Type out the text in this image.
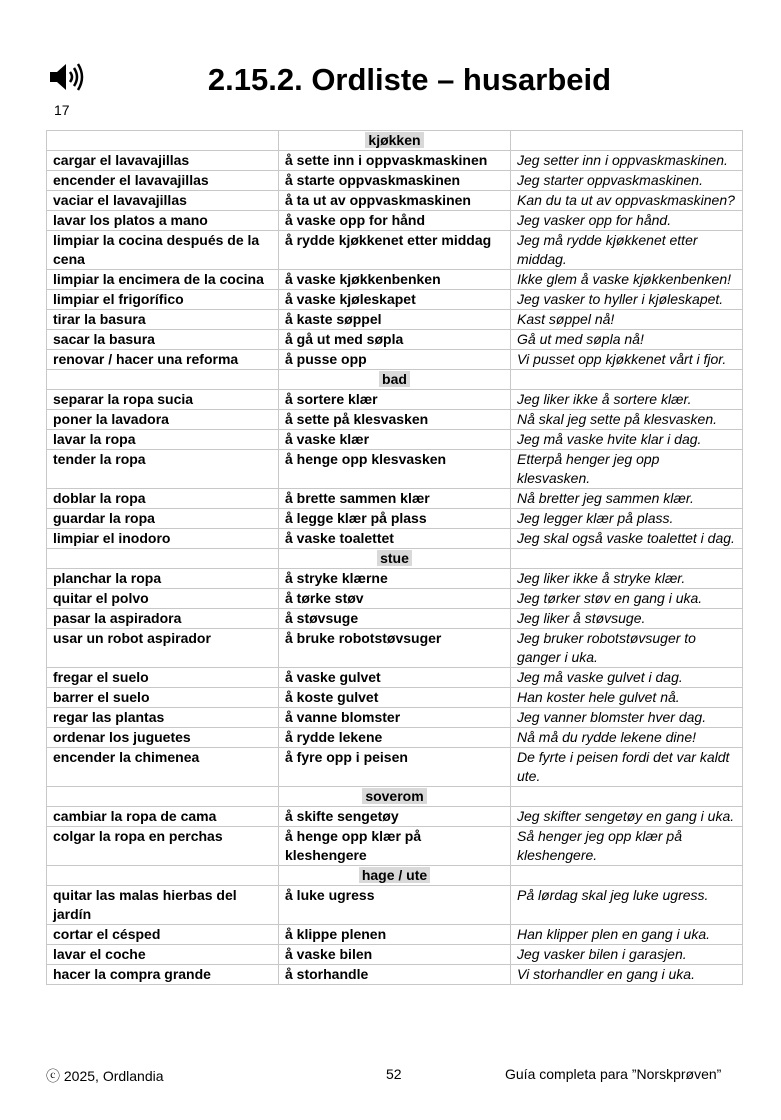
17
2.15.2. Ordliste – husarbeid
	kjøkken	
cargar el lavavajillas	å sette inn i oppvaskmaskinen	Jeg setter inn i oppvaskmaskinen.
encender el lavavajillas	å starte oppvaskmaskinen	Jeg starter oppvaskmaskinen.
vaciar el lavavajillas	å ta ut av oppvaskmaskinen	Kan du ta ut av oppvaskmaskinen?
lavar los platos a mano	å vaske opp for hånd	Jeg vasker opp for hånd.
limpiar la cocina después de la cena	å rydde kjøkkenet etter middag	Jeg må rydde kjøkkenet etter middag.
limpiar la encimera de la cocina	å vaske kjøkkenbenken	Ikke glem å vaske kjøkkenbenken!
limpiar el frigorífico	å vaske kjøleskapet	Jeg vasker to hyller i kjøleskapet.
tirar la basura	å kaste søppel	Kast søppel nå!
sacar la basura	å gå ut med søpla	Gå ut med søpla nå!
renovar / hacer una reforma	å pusse opp	Vi pusset opp kjøkkenet vårt i fjor.
	bad	
separar la ropa sucia	å sortere klær	Jeg liker ikke å sortere klær.
poner la lavadora	å sette på klesvasken	Nå skal jeg sette på klesvasken.
lavar la ropa	å vaske klær	Jeg må vaske hvite klar i dag.
tender la ropa	å henge opp klesvasken	Etterpå henger jeg opp klesvasken.
doblar la ropa	å brette sammen klær	Nå bretter jeg sammen klær.
guardar la ropa	å legge klær på plass	Jeg legger klær på plass.
limpiar el inodoro	å vaske toalettet	Jeg skal også vaske toalettet i dag.
	stue	
planchar la ropa	å stryke klærne	Jeg liker ikke å stryke klær.
quitar el polvo	å tørke støv	Jeg tørker støv en gang i uka.
pasar la aspiradora	å støvsuge	Jeg liker å støvsuge.
usar un robot aspirador	å bruke robotstøvsuger	Jeg bruker robotstøvsuger to ganger i uka.
fregar el suelo	å vaske gulvet	Jeg må vaske gulvet i dag.
barrer el suelo	å koste gulvet	Han koster hele gulvet nå.
regar las plantas	å vanne blomster	Jeg vanner blomster hver dag.
ordenar los juguetes	å rydde lekene	Nå må du rydde lekene dine!
encender la chimenea	å fyre opp i peisen	De fyrte i peisen fordi det var kaldt ute.
	soverom	
cambiar la ropa de cama	å skifte sengetøy	Jeg skifter sengetøy en gang i uka.
colgar la ropa en perchas	å henge opp klær på kleshengere	Så henger jeg opp klær på kleshengere.
	hage / ute	
quitar las malas hierbas del jardín	å luke ugress	På lørdag skal jeg luke ugress.
cortar el césped	å klippe plenen	Han klipper plen en gang i uka.
lavar el coche	å vaske bilen	Jeg vasker bilen i garasjen.
hacer la compra grande	å storhandle	Vi storhandler en gang i uka.
ⓒ 2025, Ordlandia	52	Guía completa para ”Norskprøven”
